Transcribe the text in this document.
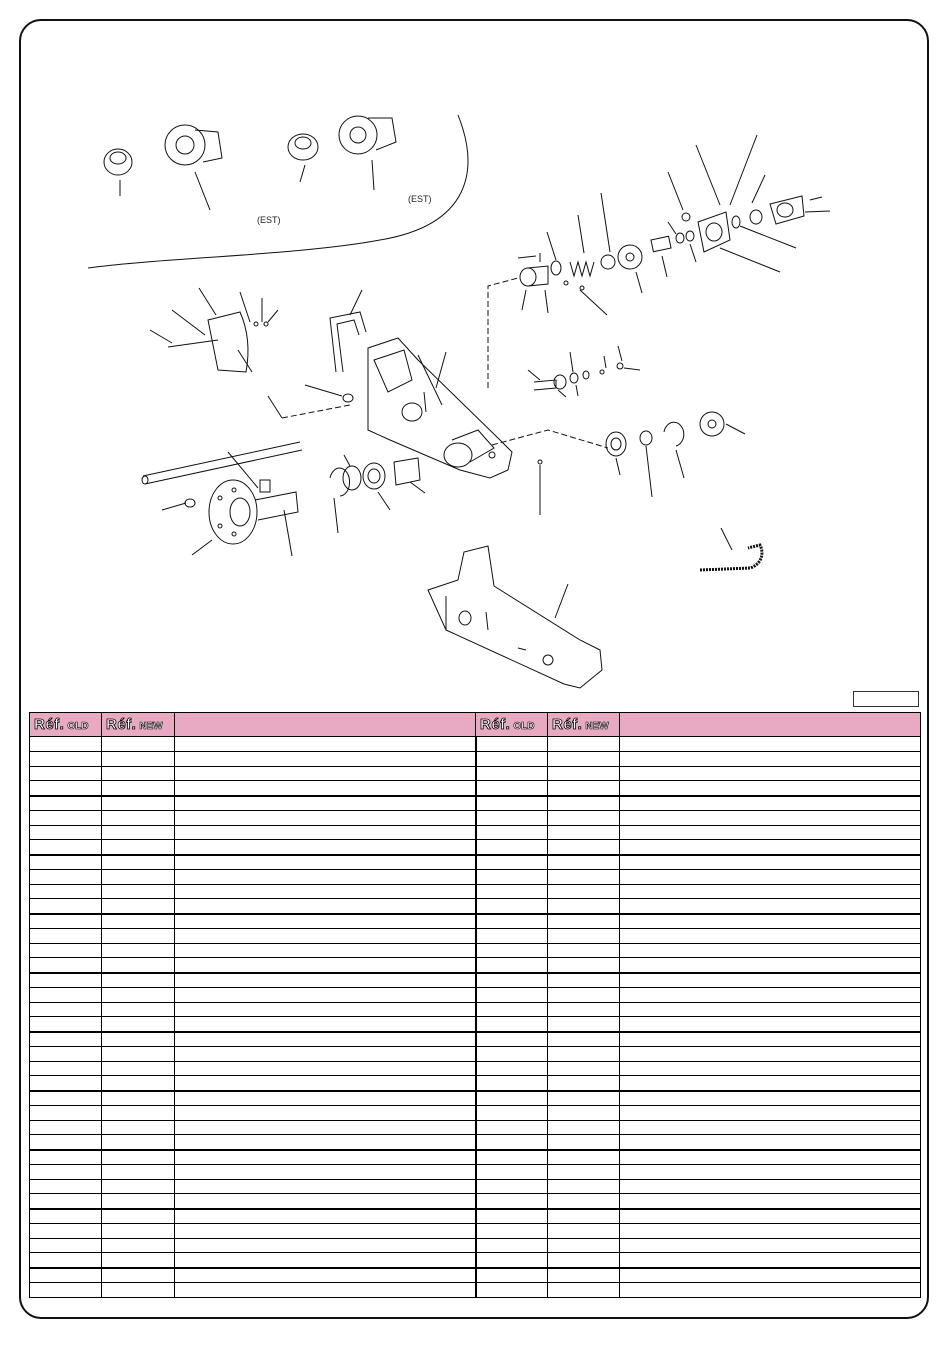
(EST)
(EST)
Réf. OLD	Réf. NEW		Réf. OLD	Réf. NEW	
